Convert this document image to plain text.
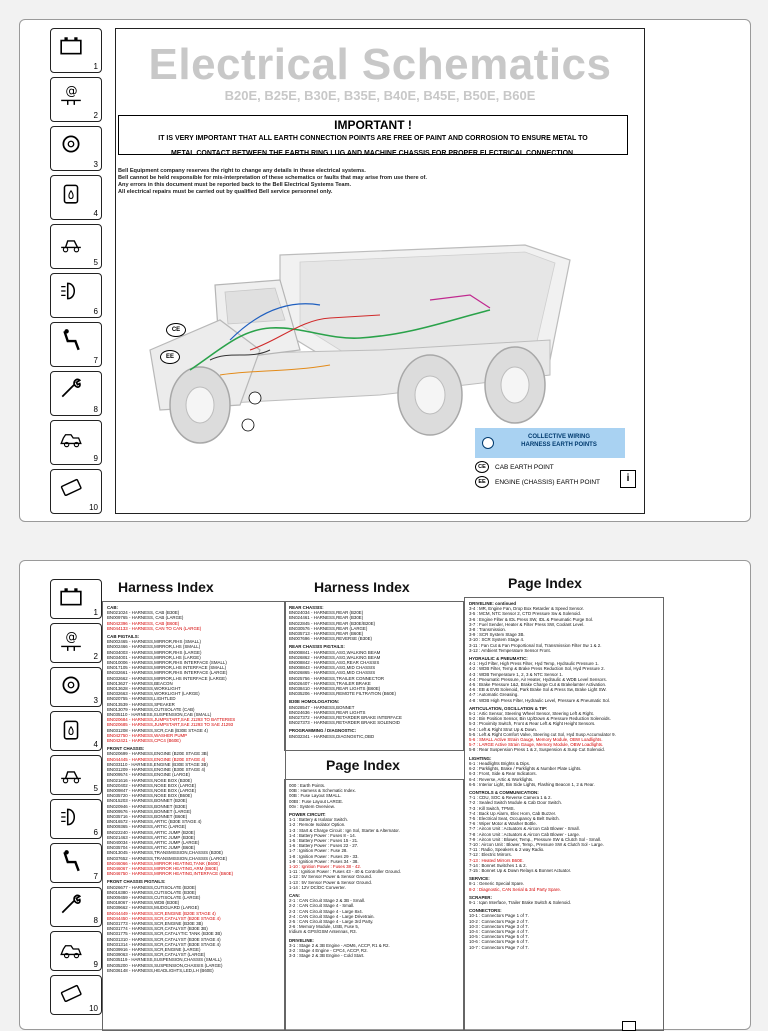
1
@
2
3
4
5
6
7
8
9
10
Electrical Schematics
B20E, B25E, B30E, B35E, B40E, B45E, B50E, B60E
IMPORTANT !
IT IS VERY IMPORTANT THAT ALL EARTH CONNECTION POINTS ARE FREE OF PAINT AND CORROSION TO ENSURE METAL TO
METAL CONTACT BETWEEN THE EARTH RING LUG AND MACHINE CHASSIS FOR PROPER ELECTRICAL CONNECTION.
Bell Equipment company reserves the right to change any details in these electrical systems.
Bell cannot be held responsible for mis-interpretation of these schematics or faults that may arise from use there of.
Any errors in this document must be reported back to the Bell Electrical Systems Team.
All electrical repairs must be carried out by qualified Bell service personnel only.
CE
EE
COLLECTIVE WIRING
HARNESS EARTH POINTS
CE	CAB EARTH POINT
EE	ENGINE (CHASSIS) EARTH POINT	i
1
@
2
3
4
5
6
7
8
9
10
Harness Index	Harness Index	Page Index
Page Index
CAB:
BN021024 - HARNESS, CAB (B30E)
BN009765 - HARNESS, CAB (LARGE)
BN042396 - HARNESS, CAB (B60E)
BN044133 - HARNESS, CAN TO CAN (LARGE)
CAB PIGTAILS:
BN002465 - HARNESS,MIRROR,RHS (SMALL)
BN002466 - HARNESS,MIRROR,LHS (SMALL)
BN034003 - HARNESS,MIRROR,RHS (LARGE)
BN034001 - HARNESS,MIRROR,LHS (LARGE)
BN010006 - HARNESS,MIRROR,RHS INTERFACE (SMALL)
BN017105 - HARNESS,MIRROR,LHS INTERFACE (SMALL)
BN032661 - HARNESS,MIRROR,RHS INTERFACE (LARGE)
BN032662 - HARNESS,MIRROR,LHS INTERFACE (LARGE)
BN013627 - HARNESS,BEACON
BN013628 - HARNESS,WORKLIGHT
BN032663 - HARNESS,WORKLIGHT (LARGE)
BN020755 - HARNESS,LIGHTLED
BN013539 - HARNESS,SPEAKER
BN013079 - HARNESS,CUTISOLATE (CAB)
BN035110 - HARNESS,SUSPENSION,CAB (SMALL)
BN020684 - HARNESS,JUMPSTART,SAE J1293 TO BATTERIES
BN020685 - HARNESS,JUMPSTART,SAE J1293 TO SAE J1293
BN031208 - HARNESS,SCR,CAB (B30E STAGE 4)
BN042750 - HARNESS,WASHER PUMP
BN042421 - HARNESS,CPC4 (B60E)
FRONT CHASSIS:
BN020699 - HARNESS,ENGINE (B20E STAGE 3B)
BN044445 - HARNESS,ENGINE (B20E STAGE 4)
BN033110 - HARNESS,ENGINE (B30E STAGE 3B)
BN031209 - HARNESS,ENGINE (B30E STAGE 4)
BN009574 - HARNESS,ENGINE (LARGE)
BN021616 - HARNESS,NOSE BOX (B30E)
BN020402 - HARNESS,NOSE BOX (LARGE)
BN009847 - HARNESS,NOSE BOX (LARGE)
BN035720 - HARNESS,NOSE BOX (B60E)
BN015203 - HARNESS,BONNET (B20E)
BN020946 - HARNESS,BONNET (B30E)
BN009576 - HARNESS,BONNET (LARGE)
BN035716 - HARNESS,BONNET (B60E)
BN016572 - HARNESS,ARTIC (B30E STAGE 4)
BN009365 - HARNESS,ARTIC (LARGE)
BN022240 - HARNESS,ARTIC JUMP (B20E)
BN021463 - HARNESS,ARTIC JUMP (B30E)
BN040034 - HARNESS,ARTIC JUMP (LARGE)
BN035704 - HARNESS,ARTIC JUMP (B60E)
BN013045 - HARNESS,TRANSMISSION,CHASSIS (B30E)
BN037652 - HARNESS,TRANSMISSION,CHASSIS (LARGE)
BN046066 - HARNESS,MIRROR HEATING,TANK (B60E)
BN046067 - HARNESS,MIRROR HEATING,ARM (B60E)
BN046750 - HARNESS,MIRROR HEATING,INTERFACE (B60E)
FRONT CHASSIS PIGTAILS:
BN026677 - HARNESS,CUTISOLATE (B20E)
BN016380 - HARNESS,CUTISOLATE (B30E)
BN009459 - HARNESS,CUTISOLATE (LARGE)
BN018067 - HARNESS,WDB (B30E)
BN039662 - HARNESS,MUDGUARD (LARGE)
BN044449 - HARNESS,SCR,ENGINE (B20E STAGE 4)
BN044450 - HARNESS,SCR,CATALYST (B20E STAGE 4)
BN031773 - HARNESS,SCR,ENGINE (B30E 3B)
BN031774 - HARNESS,SCR,CATALYST (B30E 3B)
BN031775 - HARNESS,SCR,CATALYTIC TANK (B30E 3B)
BN031310 - HARNESS,SCR,CATALYST (B30E STAGE 4)
BN031314 - HARNESS,SCR,CATALYST (B30E STAGE 4)
BN039916 - HARNESS,SCR,ENGINE (LARGE)
BN039063 - HARNESS,SCR,CATALYST (LARGE)
BN035119 - HARNESS,SUSPENSION,CHASSIS (SMALL)
BN035200 - HARNESS,SUSPENSION,CHASSIS (LARGE)
BN036148 - HARNESS,HEADLIGHTS,LED,LH (B60E)
REAR CHASSIS:
BN024034 - HARNESS,REAR (B20E)
BN024461 - HARNESS,REAR (B30E)
BN022845 - HARNESS,REAR (B30E/B20E)
BN030576 - HARNESS,REAR (LARGE)
BN035713 - HARNESS,REAR (B60E)
BN007696 - HARNESS,REVERSE (B30E)
REAR CHASSIS PIGTAILS:
BN008841 - HARNESS,ASG,WALKING BEAM
BN026862 - HARNESS,ASG,WALKING BEAM
BN008842 - HARNESS,ASG,REAR CHASSIS
BN008843 - HARNESS,ASG,MID CHASSIS
BN026865 - HARNESS,ASG,MID CHASSIS
BN025756 - HARNESS,TRAILER CONNECTOR
BN026407 - HARNESS,TRAILER BRAKE
BN038410 - HARNESS,REAR LIGHTS (B60E)
BN035206 - HARNESS,REMOTE FILTRATION (B60E)
B30E HOMOLOGATION:
BN028547 - HARNESS,BONNET
BN024636 - HARNESS,REAR LIGHTS
BN027372 - HARNESS,RETARDER BRAKE INTERFACE
BN027373 - HARNESS,RETARDER BRAKE SOLENOID
PROGRAMMING / DIAGNOSTIC:
BN032341 - HARNESS,DIAGNOSTIC,OBD
000 : Earth Points.
00B : Harness & Schematic Index.
00B : Fuse Layout SMALL.
00Bt : Fuse Layout LARGE.
00v : System Overview.
POWER CIRCUIT:
1-1 : Battery & Isolator Switch.
1-2 : Remote Isolator Option.
1-3 : Start & Charge Circuit : Ign Sol, Starter & Alternator.
1-4 : Battery Power : Fuses 8 - 14.
1-5 : Battery Power : Fuses 15 - 21.
1-6 : Battery Power : Fuses 22 - 27.
1-7 : Ignition Power : Fuse 28.
1-8 : Ignition Power : Fuses 29 - 33.
1-9 : Ignition Power : Fuses 34 - 38.
1-10 : Ignition Power : Fuses 38 - 42.
1-11 : Ignition Power : Fuses 43 - 40 & Controller Ground.
1-12 : 5V Sensor Power & Sensor Ground.
1-13 : 5V Sensor Power & Sensor Ground.
1-14 : 12V DC/DC Converter.
CAN:
2-1 : CAN Circuit Stage 2 & 3B - Small.
2-2 : CAN Circuit Stage 4 - Small.
2-3 : CAN Circuit Stage 4 - Large 8x4.
2-4 : CAN Circuit Stage 4 - Large Drivetrain.
2-5 : CAN Circuit Stage 4 - Large 3rd Party.
2-6 : Memory Module, USB, Fuse 5,
Iridium & GPS/GSM Antennas, R3.
DRIVELINE:
3-1 : Stage 2 & 3B Engine - ADM6, ACCP, R1 & R2.
3-2 : Stage 4 Engine - CPC4, ACCP, R2.
3-3 : Stage 2 & 3B Engine - Cold Start.
DRIVELINE: continued
3-4 : MR, Engine Fan, Drop Box Retarder & Speed Sensor.
3-5 : MCM, NTC Sensor 2, CTD Pressure Sw & Solenoid.
3-6 : Engine Filter & IDL Press SW, IDL & Pneumatic Purge Sol.
3-7 : Fuel Sender, Heater & Filter Press SW, Coolant Level.
3-8 : Transmission.
3-9 : SCR System Stage 3B.
3-10 : SCR System Stage 4.
3-11 : Fan Cut & Fan Proportional Sol, Transmission Filter Sw 1 & 2.
3-12 : Ambient Temperature Sensor Front.
HYDRAULIC & PNEUMATIC:
4-1 : Hyd Filter, High Press Filter, Hyd Temp, Hydraulic Pressure 1.
4-2 : WDB Filter, Temp & Brake Press Reduction Sol, Hyd Pressure 2.
4-3 : WDB Temperature 1, 2, 3 & NTC Sensor 1.
4-4 : Pneumatic Pressure, Air Heater, Hydraulic & WDB Level Sensors.
4-5 : Brake Pressure 1&2, Brake Charge Cut & Brakelamter Activation.
4-6 : EB & EVB Solenoid, Park Brake Sol & Press Sw, Brake Light SW.
4-7 : Automatic Greasing.
4-8 : WDB High Press Filter, Hydraulic Level, Pressure & Pneumatic Sol.
ARTICULATION, OSCILLATION & TIP:
5-1 : Artic Sensor, Steering Wheel Sensor, Steering Left & Right.
5-2 : Bin Position Sensor, Bin Up/Down & Pressure Reduction Solenoids.
5-3 : Proximity Switch, Front & Rear Left & Right Height Sensors.
5-4 : Left & Right Strut Up & Down.
5-5 : Left & Right Comfort Valve, Steering cut Sol, Hyd Susp Accumulator 9.
5-6 : SMALL Active Strain Gauge, Memory Module, OBW Loadlights.
5-7 : LARGE Active Strain Gauge, Memory Module, OBW Loadlights.
5-8 : Rear Suspension Press 1 & 2, Suspension & Susp Cut Solenoid.
LIGHTING:
6-1 : Headlights Brights & Dips.
6-2 : Parklights, Brake / Parklights & Number Plate Lights.
6-3 : Front, Side & Rear Indicators.
6-4 : Reverse, Artic & Worklights.
6-5 : Interior Light, Bin Side Lights, Flashing Beacon 1, 2 & Rear.
CONTROLS & COMMUNICATION:
7-1 : CDU, SOC & Reverse Camera 1 & 2.
7-2 : Sealed Switch Module & Cab Door Switch.
7-3 : Kill Switch, TPMS.
7-4 : Back Up Alarm, Elec Horn, Cab Buzzer.
7-5 : Electrical Seat, Occupancy & Belt Switch.
7-6 : Wiper Motor & Washer Bottle.
7-7 : Aircon Unit : Actuators & Aircon Cab Blower - Small.
7-8 : Aircon Unit : Actuators & Aircon Cab Blower - Large.
7-9 : Aircon Unit : Blower, Temp., Pressure SW & Clutch Sol - Small.
7-10 : Aircon Unit : Blower, Temp., Pressure SW & Clutch Sol - Large.
7-11 : Radio, Speakers & 2 way Radio.
7-12 : Electric Mirrors.
7-13 : Heated Mirrors B60E.
7-14 : Bonnet Switches 1 & 2.
7-15 : Bonnet Up & Down Relays & Bonnet Actuator.
SERVICE:
8-1 : Generic Special Spare.
8-2 : Diagnostic, CAN Serial & 3rd Party Spare.
SCRAPER:
9-1 : Iqan Interface, Trailer Brake Switch & Solenoid.
CONNECTORS:
10-1 : Connectors Page 1 of 7.
10-2 : Connectors Page 2 of 7.
10-3 : Connectors Page 3 of 7.
10-4 : Connectors Page 4 of 7.
10-5 : Connectors Page 5 of 7.
10-6 : Connectors Page 6 of 7.
10-7 : Connectors Page 7 of 7.
